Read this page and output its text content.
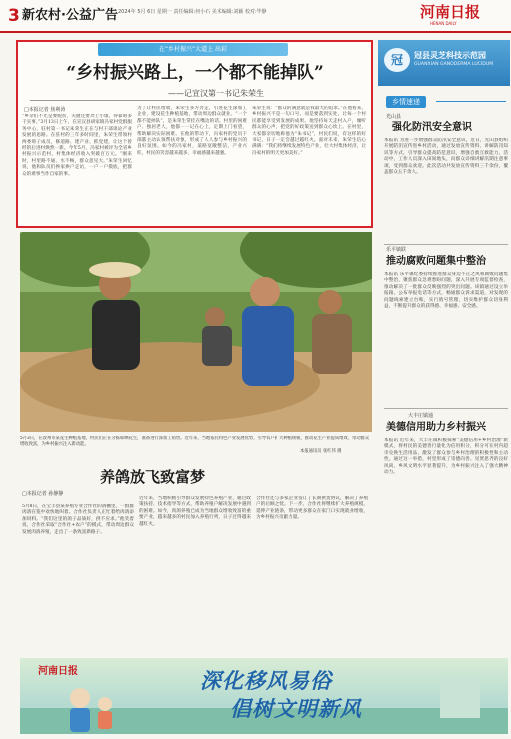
3 新农村·公益广告 2024年 5月 6日 星期一 责任编辑:何小石 美术编辑:刘颖 校对:毕静	河南日报
HENAN DAILY
在“乡村振兴”大道上 出彩
“乡村振兴路上，一个都不能掉队”
——记宣汉第一书记朱荣生
□本报记者 焦利涛
“乡亲们不光是要脱贫，关键还要奔上小康，得靠咱多干实事。”3月13日上午，在宣汉县胡家镇冯家村党群服务中心，驻村第一书记朱荣生正在与村干部谈论产业发展的思路。在驻村的三年多时间里，朱荣生带领村两委班子成员，修道路、建产业、抓党建，让这个曾经的后进村焕然一新。今年5月，冯家村被评为全省乡村振兴示范村，村集体经济收入突破百万元。“刚来时，村里路不通、水不畅，群众意见大。”朱荣生回忆说，他和队员们挨家挨户走访，一户一户摸底，把群众的难事当作自家的事。
为了让村民增收，朱荣生多方奔走，引进花生深加工企业，建设花生种植基地，带动周边群众就业。“一个都不能掉队”，是朱荣生常挂在嘴边的话。村里的困难户、独居老人，他都一一记在心上，定期上门看望，帮助解决实际困难。在他的带动下，冯家村的党员干部都主动认领帮扶对象，形成了人人参与乡村振兴的良好氛围。如今的冯家村，道路宽敞整洁，产业兴旺，村民的笑容越来越多，幸福感越来越强。
朱荣生说：“群众的满意就是我最大的追求。”在他看来，乡村振兴不是一句口号，而是要落到实处，让每一个村民都能享受到发展的成果。他坚持每天走村入户，倾听群众的心声，把党的好政策送到群众心坎上。在村里，大家都亲切地称他为“朱书记”，村民们说，有这样的好书记，日子一定会越过越红火。面对未来，朱荣生信心满满：“我们将继续发展特色产业，壮大村集体经济，让冯家村的明天更加美好。”
冠	冠县灵芝科技示范园
GUANXIAN GANODERMA LUCIDUM
乡情速递
光山县
强化防汛安全意识
本报讯 为进一步增强群众防汛安全意识，近日，光山县组织开展防汛宣传进乡村活动，通过发放宣传资料、讲解防汛知识等方式，引导群众提高防范意识，增强自救互救能力。活动中，工作人员深入田间地头，向群众详细讲解汛期注意事项，受到群众欢迎。此次活动共发放宣传资料三千余份，覆盖群众五千余人。
乐平镇联
推动腐败问题集中整治
本报讯 乐平镇纪委持续推进群众身边不正之风和腐败问题集中整治，聚焦群众急难愁盼问题，深入开展专项监督检查，推动解决了一批群众反映强烈的突出问题。该镇通过设立举报箱、公布举报电话等方式，畅通群众诉求渠道，对发现的问题线索建立台账，实行销号管理，切实维护群众切身利益，不断提升群众的获得感、幸福感、安全感。
大丰庄镇通
美德信用助力乡村振兴
本报讯 近年来，大丰庄镇积极探索“美德信用+乡村治理”新模式，将村民的美德善行量化为信用积分，积分可在村内超市兑换生活用品，激发了群众参与乡村治理的积极性和主动性。通过这一举措，村里形成了崇德向善、见贤思齐的良好风尚，乡风文明水平显著提升，为乡村振兴注入了强大精神动力。
5月3日，在汝州市某花生种植基地，村民们正在分拣晾晒花生，准备进行深加工销售。近年来，当地依托特色产业发展优势，引导农户扩大种植规模，推动花生产业提质增效，带动群众增收致富，为乡村振兴注入新动能。
本报通讯员 张红伟 摄
养鸽放飞致富梦
□本报记者 孙静静
5月8日，在宝丰县某养殖专业合作社的鸽棚里，一群群肉鸽在笼中欢快地叫着。合作社负责人正忙着给肉鸽添加饲料。“我们这里的鸽子品质好，供不应求。”他笑着说，合作社采取“合作社+农户”的模式，带动周边群众发展肉鸽养殖，走出了一条致富新路子。
近年来，当地积极引导群众发展特色养殖产业，通过政策扶持、技术指导等方式，帮助养殖户解决发展中遇到的困难。如今，肉鸽养殖已成为当地群众增收致富的重要产业，越来越多的村民加入养殖行列，日子过得越来越红火。
合作社还与多家企业签订了长期供货协议，解决了养殖户的后顾之忧。下一步，合作社将继续扩大养殖规模，延伸产业链条，带动更多群众在家门口实现就业增收，为乡村振兴贡献力量。
河南日报	深化移风易俗
倡树文明新风
